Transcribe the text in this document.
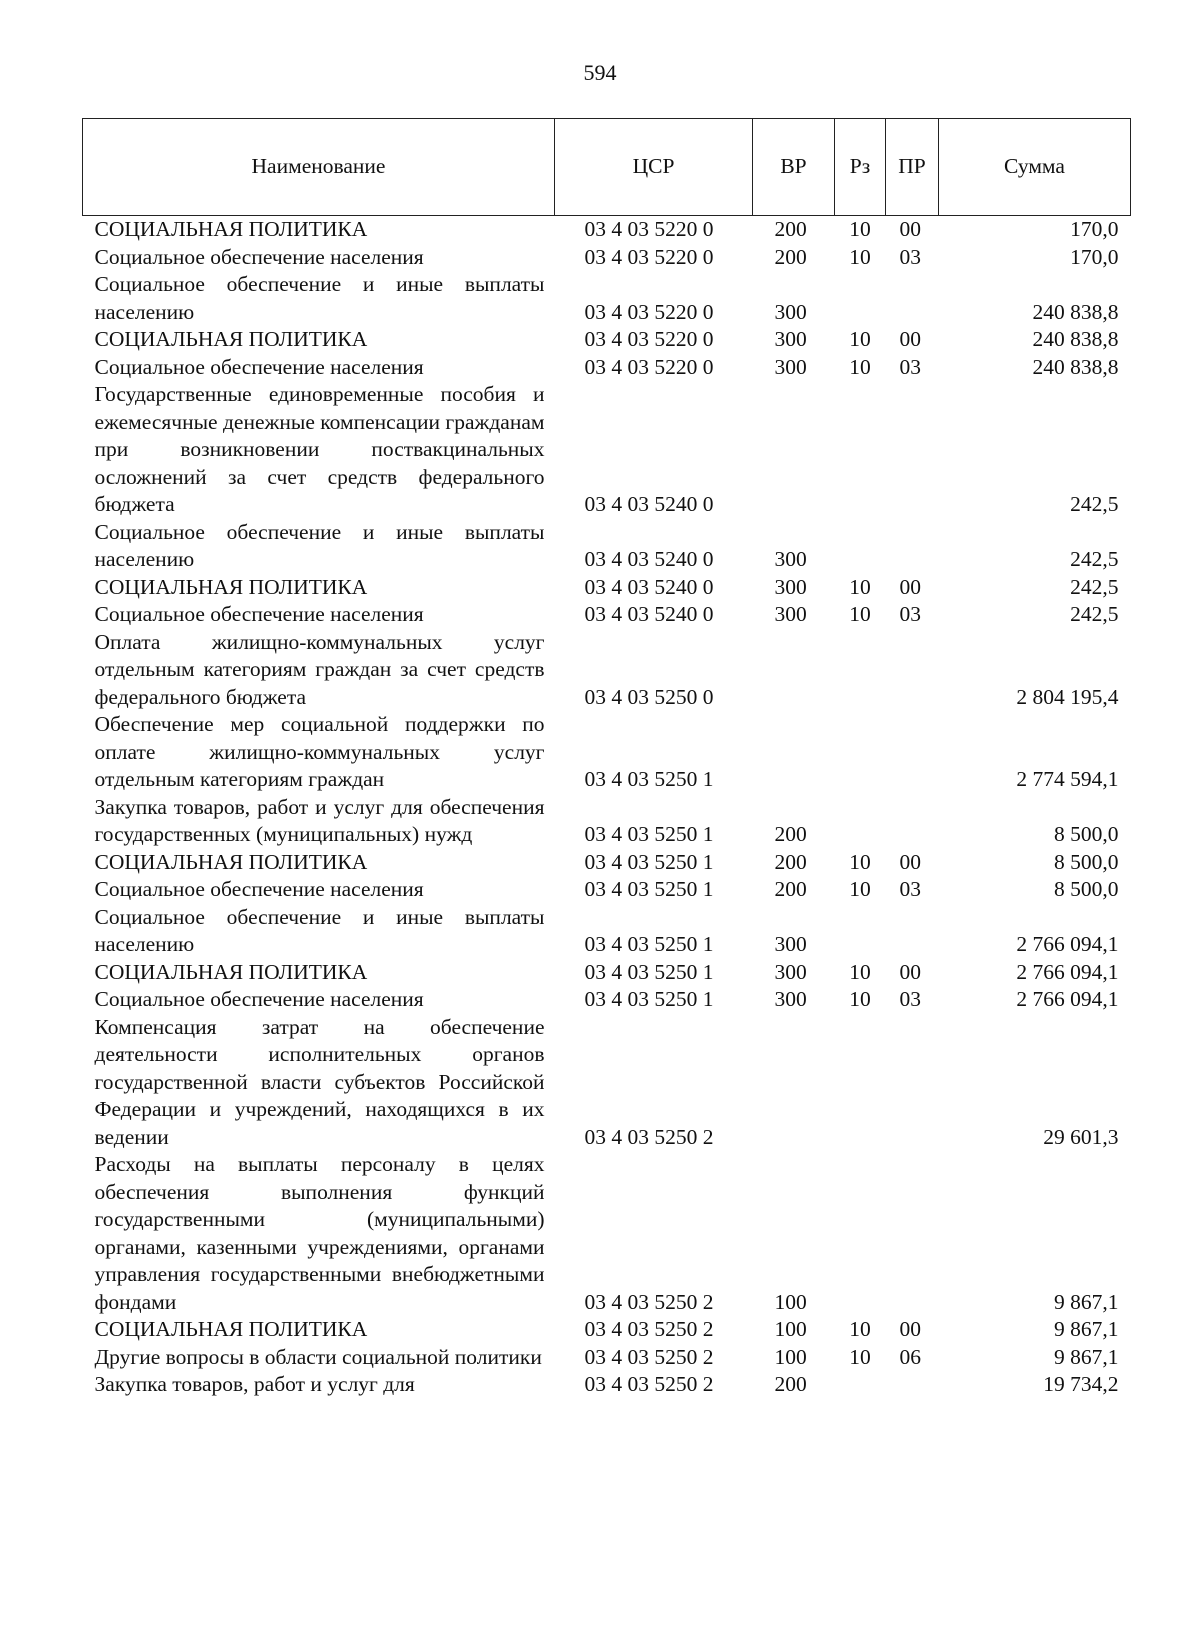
594
Наименование	ЦСР	ВР	Рз	ПР	Сумма
СОЦИАЛЬНАЯ ПОЛИТИКА	03 4 03 5220 0	200	10	00	170,0
Социальное обеспечение населения	03 4 03 5220 0	200	10	03	170,0
Социальное обеспечение и иные выплаты населению	03 4 03 5220 0	300			240 838,8
СОЦИАЛЬНАЯ ПОЛИТИКА	03 4 03 5220 0	300	10	00	240 838,8
Социальное обеспечение населения	03 4 03 5220 0	300	10	03	240 838,8
Государственные единовременные пособия и ежемесячные денежные компенсации гражданам при возникновении поствакцинальных осложнений за счет средств федерального бюджета	03 4 03 5240 0				242,5
Социальное обеспечение и иные выплаты населению	03 4 03 5240 0	300			242,5
СОЦИАЛЬНАЯ ПОЛИТИКА	03 4 03 5240 0	300	10	00	242,5
Социальное обеспечение населения	03 4 03 5240 0	300	10	03	242,5
Оплата жилищно-коммунальных услуг отдельным категориям граждан за счет средств федерального бюджета	03 4 03 5250 0				2 804 195,4
Обеспечение мер социальной поддержки по оплате жилищно-коммунальных услуг отдельным категориям граждан	03 4 03 5250 1				2 774 594,1
Закупка товаров, работ и услуг для обеспечения государственных (муниципальных) нужд	03 4 03 5250 1	200			8 500,0
СОЦИАЛЬНАЯ ПОЛИТИКА	03 4 03 5250 1	200	10	00	8 500,0
Социальное обеспечение населения	03 4 03 5250 1	200	10	03	8 500,0
Социальное обеспечение и иные выплаты населению	03 4 03 5250 1	300			2 766 094,1
СОЦИАЛЬНАЯ ПОЛИТИКА	03 4 03 5250 1	300	10	00	2 766 094,1
Социальное обеспечение населения	03 4 03 5250 1	300	10	03	2 766 094,1
Компенсация затрат на обеспечение деятельности исполнительных органов государственной власти субъектов Российской Федерации и учреждений, находящихся в их ведении	03 4 03 5250 2				29 601,3
Расходы на выплаты персоналу в целях обеспечения выполнения функций государственными (муниципальными) органами, казенными учреждениями, органами управления государственными внебюджетными фондами	03 4 03 5250 2	100			9 867,1
СОЦИАЛЬНАЯ ПОЛИТИКА	03 4 03 5250 2	100	10	00	9 867,1
Другие вопросы в области социальной политики	03 4 03 5250 2	100	10	06	9 867,1
Закупка товаров, работ и услуг для	03 4 03 5250 2	200			19 734,2
